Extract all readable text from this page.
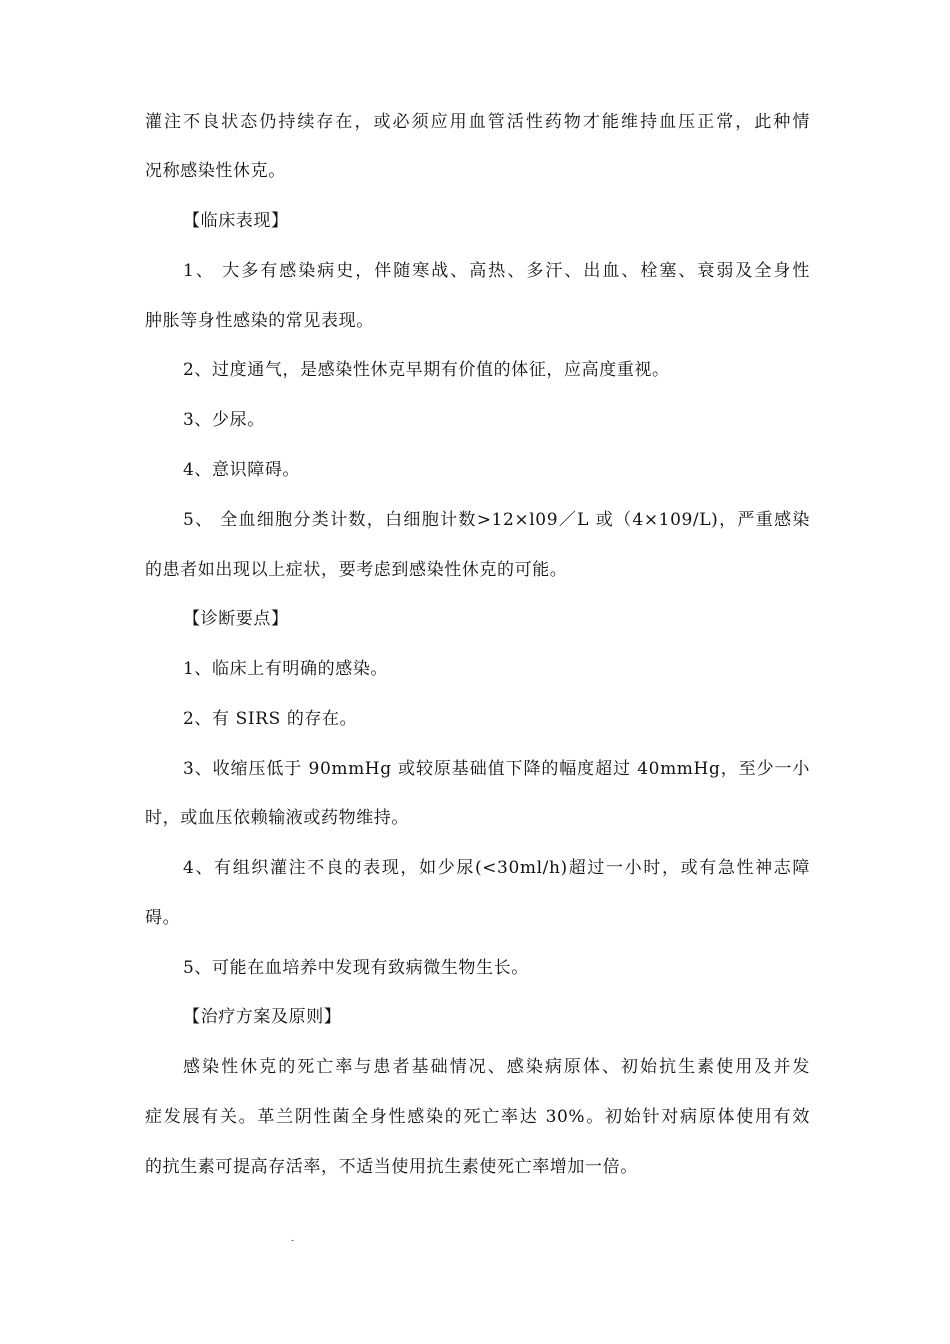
灌注不良状态仍持续存在，或必须应用血管活性药物才能维持血压正常，此种情
况称感染性休克。
【临床表现】
1、 大多有感染病史，伴随寒战、高热、多汗、出血、栓塞、衰弱及全身性
肿胀等身性感染的常见表现。
2、过度通气，是感染性休克早期有价值的体征，应高度重视。
3、少尿。
4、意识障碍。
5、 全血细胞分类计数，白细胞计数>12×l09／L 或（4×109/L)，严重感染
的患者如出现以上症状，要考虑到感染性休克的可能。
【诊断要点】
1、临床上有明确的感染。
2、有 SIRS 的存在。
3、收缩压低于 90mmHg 或较原基础值下降的幅度超过 40mmHg，至少一小
时，或血压依赖输液或药物维持。
4、有组织灌注不良的表现，如少尿(<30ml/h)超过一小时，或有急性神志障
碍。
5、可能在血培养中发现有致病微生物生长。
【治疗方案及原则】
感染性休克的死亡率与患者基础情况、感染病原体、初始抗生素使用及并发
症发展有关。革兰阴性菌全身性感染的死亡率达 30%。初始针对病原体使用有效
的抗生素可提高存活率，不适当使用抗生素使死亡率增加一倍。
-
